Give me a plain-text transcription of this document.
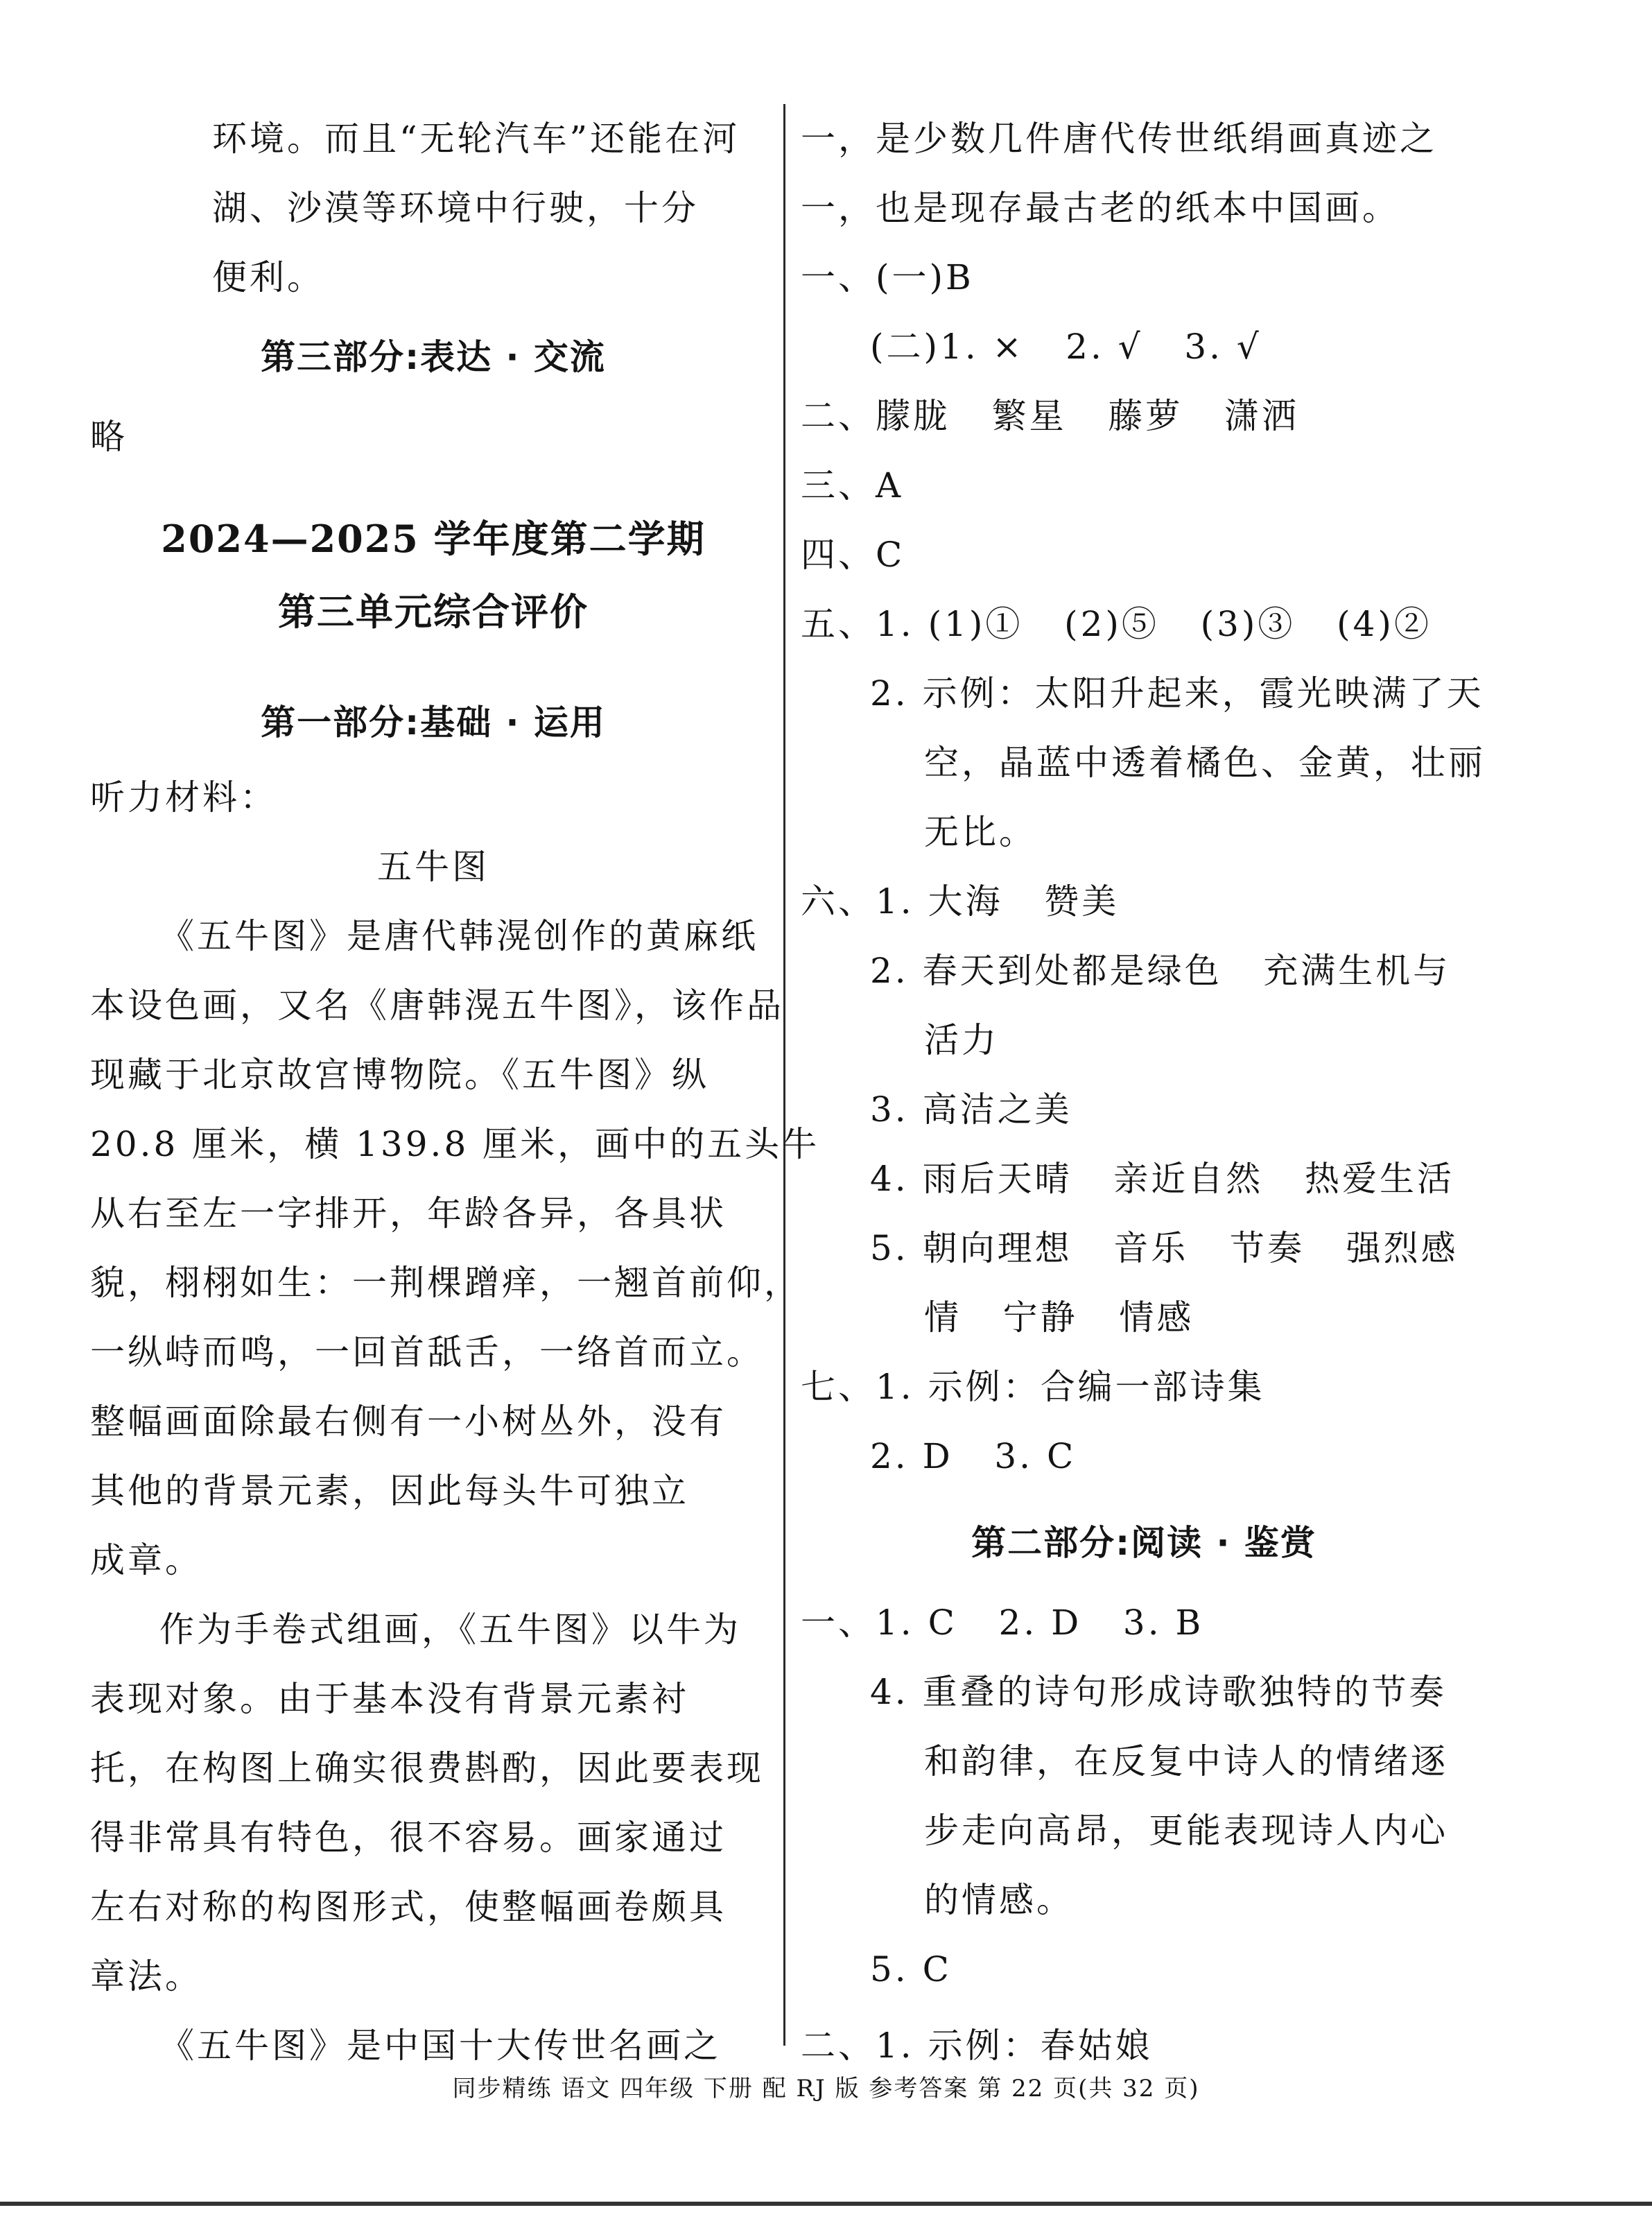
环境。而且“无轮汽车”还能在河

湖、沙漠等环境中行驶，十分

便利。

第三部分:表达 · 交流

略

2024—2025 学年度第二学期

第三单元综合评价

第一部分:基础 · 运用

听力材料：

五牛图

《五牛图》是唐代韩滉创作的黄麻纸

本设色画，又名《唐韩滉五牛图》，该作品

现藏于北京故宫博物院。《五牛图》纵

20.8 厘米，横 139.8 厘米，画中的五头牛

从右至左一字排开，年龄各异，各具状

貌，栩栩如生：一荆棵蹭痒，一翘首前仰，

一纵峙而鸣，一回首舐舌，一络首而立。

整幅画面除最右侧有一小树丛外，没有

其他的背景元素，因此每头牛可独立

成章。

作为手卷式组画，《五牛图》以牛为

表现对象。由于基本没有背景元素衬

托，在构图上确实很费斟酌，因此要表现

得非常具有特色，很不容易。画家通过

左右对称的构图形式，使整幅画卷颇具

章法。

《五牛图》是中国十大传世名画之

一，是少数几件唐代传世纸绢画真迹之

一，也是现存最古老的纸本中国画。

一、(一)B

(二)1. ×   2. √   3. √

二、朦胧   繁星   藤萝   潇洒

三、A

四、C

五、1. (1)①   (2)⑤   (3)③   (4)②

2. 示例：太阳升起来，霞光映满了天

空，晶蓝中透着橘色、金黄，壮丽

无比。

六、1. 大海   赞美

2. 春天到处都是绿色   充满生机与

活力

3. 高洁之美

4. 雨后天晴   亲近自然   热爱生活

5. 朝向理想   音乐   节奏   强烈感

情   宁静   情感

七、1. 示例：合编一部诗集

2. D   3. C

第二部分:阅读 · 鉴赏

一、1. C   2. D   3. B

4. 重叠的诗句形成诗歌独特的节奏

和韵律，在反复中诗人的情绪逐

步走向高昂，更能表现诗人内心

的情感。

5. C

二、1. 示例：春姑娘

同步精练 语文 四年级 下册 配 RJ 版 参考答案 第 22 页(共 32 页)
